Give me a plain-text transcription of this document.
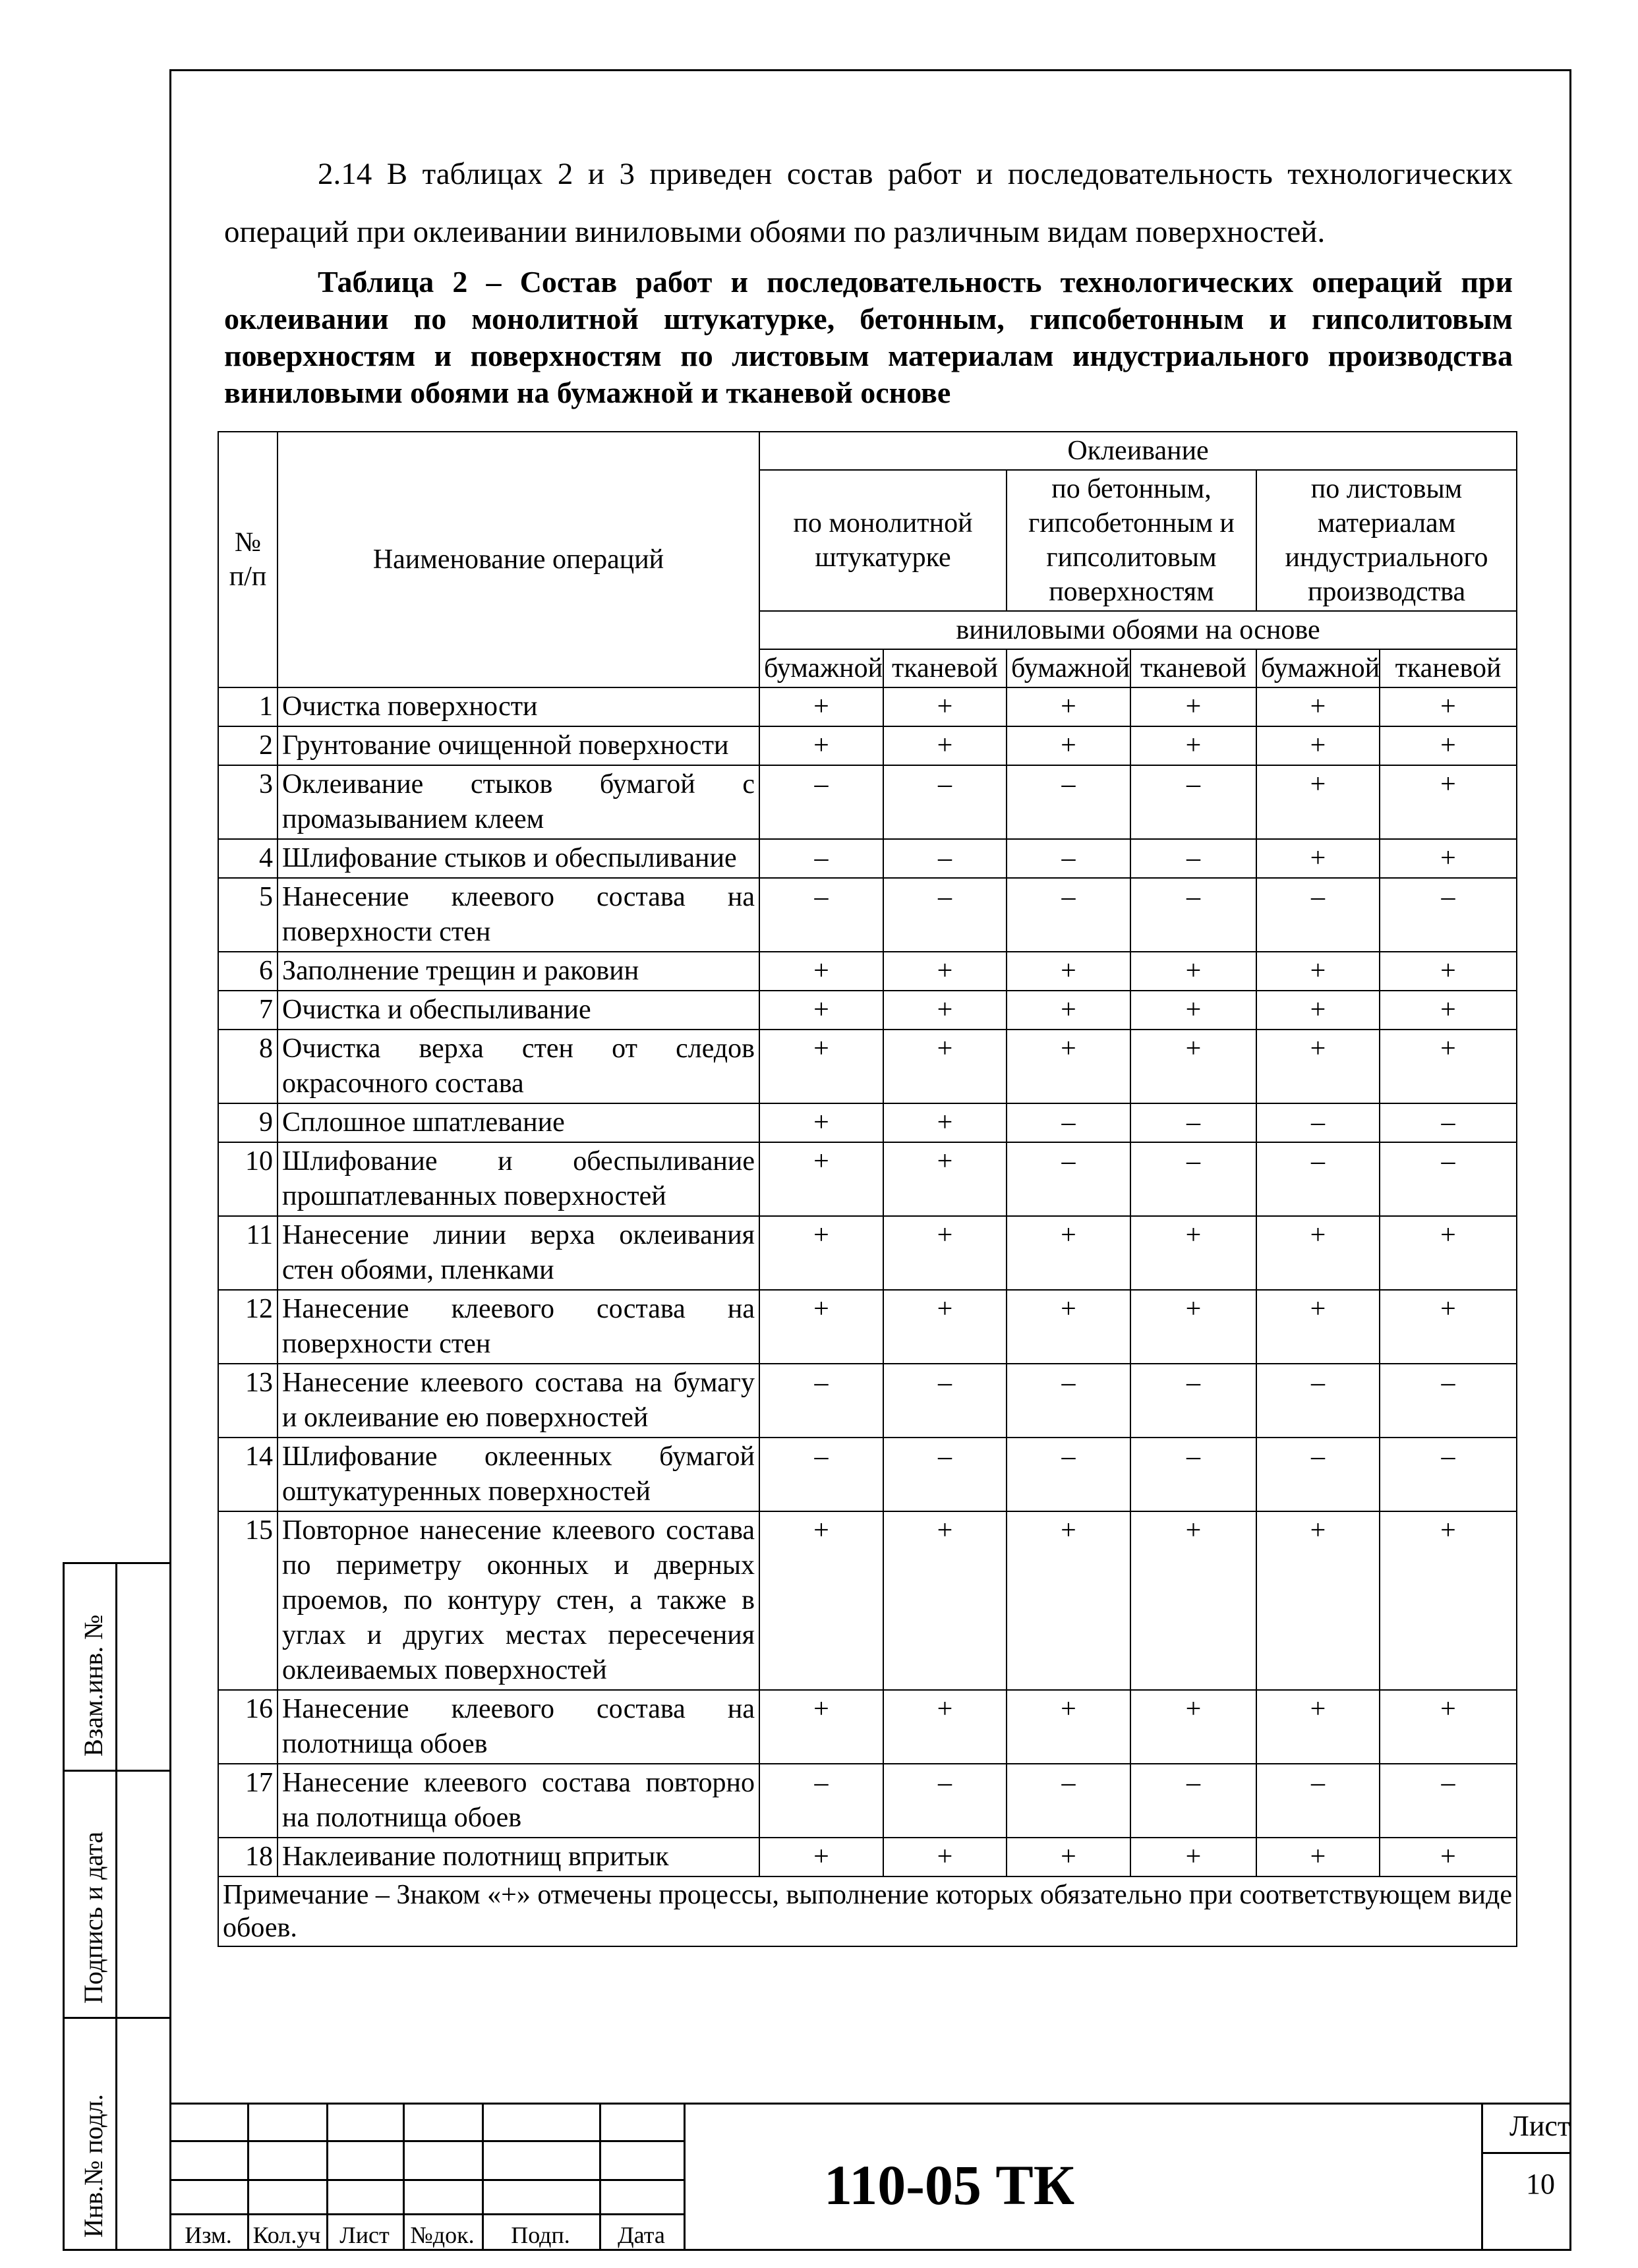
2.14 В таблицах 2 и 3 приведен состав работ и последовательность технологических операций при оклеивании виниловыми обоями по различным видам поверхностей.
Таблица 2 – Состав работ и последовательность технологических операций при оклеивании по монолитной штукатурке, бетонным, гипсобетонным и гипсолитовым поверхностям и поверхностям по листовым материалам индустриального производства виниловыми обоями на бумажной и тканевой основе
№ п/п	Наименование операций	Оклеивание					
		по монолитной штукатурке		по бетонным, гипсобетонным и гипсолитовым поверхностям		по листовым материалам индустриального производства	
		виниловыми обоями на основе					
		бумажной	тканевой	бумажной	тканевой	бумажной	тканевой
1	Очистка поверхности	+	+	+	+	+	+
2	Грунтование очищенной поверхности	+	+	+	+	+	+
3	Оклеивание стыков бумагой с промазыванием клеем	–	–	–	–	+	+
4	Шлифование стыков и обеспыливание	–	–	–	–	+	+
5	Нанесение клеевого состава на поверхности стен	–	–	–	–	–	–
6	Заполнение трещин и раковин	+	+	+	+	+	+
7	Очистка и обеспыливание	+	+	+	+	+	+
8	Очистка верха стен от следов окрасочного состава	+	+	+	+	+	+
9	Сплошное шпатлевание	+	+	–	–	–	–
10	Шлифование и обеспыливание прошпатлеванных поверхностей	+	+	–	–	–	–
11	Нанесение линии верха оклеивания стен обоями, пленками	+	+	+	+	+	+
12	Нанесение клеевого состава на поверхности стен	+	+	+	+	+	+
13	Нанесение клеевого состава на бумагу и оклеивание ею поверхностей	–	–	–	–	–	–
14	Шлифование оклеенных бумагой оштукатуренных поверхностей	–	–	–	–	–	–
15	Повторное нанесение клеевого состава по периметру оконных и дверных проемов, по контуру стен, а также в углах и других местах пересечения оклеиваемых поверхностей	+	+	+	+	+	+
16	Нанесение клеевого состава на полотнища обоев	+	+	+	+	+	+
17	Нанесение клеевого состава повторно на полотнища обоев	–	–	–	–	–	–
18	Наклеивание полотнищ впритык	+	+	+	+	+	+
Примечание – Знаком «+» отмечены процессы, выполнение которых обязательно при соответствующем виде обоев.							
110-05 ТК
Лист
10
Изм. Кол.уч Лист №док.	Подп.	Дата
Инв.№ подл.
Подпись и дата
Взам.инв. №
